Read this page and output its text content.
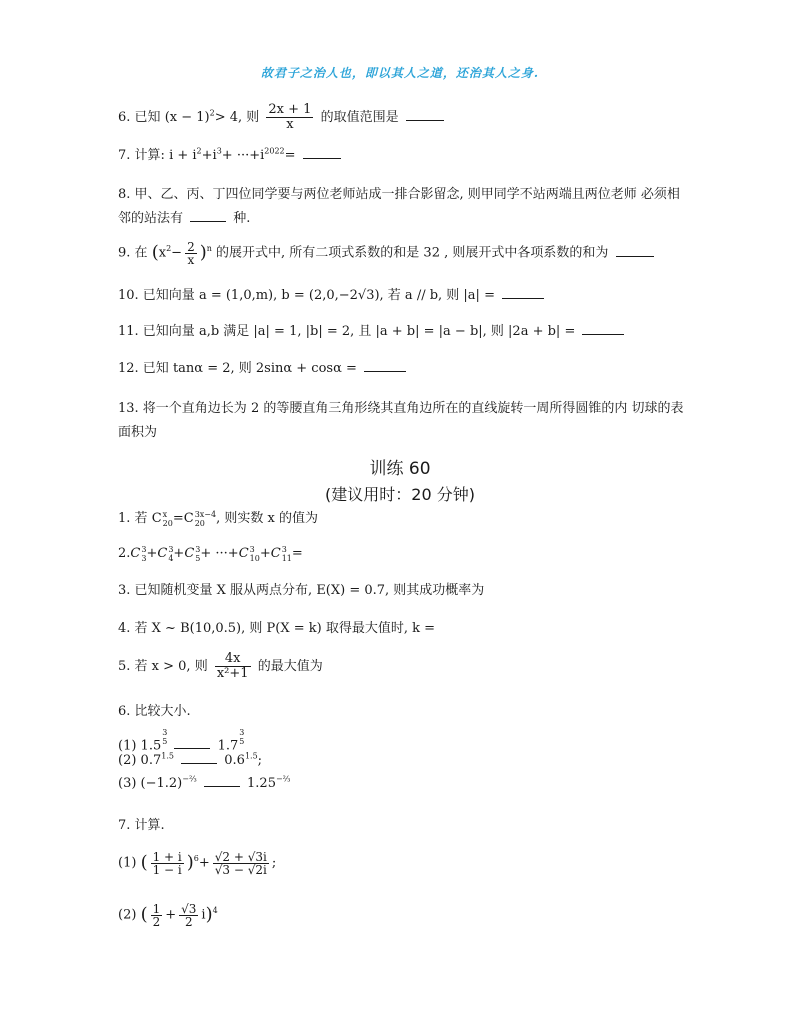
故君子之治人也，即以其人之道，还治其人之身.
6. 已知 $(x - 1)^2> 4$, 则 $\frac{2x + 1}{x}$ 的取值范围是
7. 计算: $i + i^2+i^3+ \cdot\cdot\cdot+i^{2022}=$
8. 甲、乙、丙、丁四位同学要与两位老师站成一排合影留念, 则甲同学不站两端且两位老师 必须相邻的站法有	种.
9. 在 $(x^2- \frac{2}{x} )^n$ 的展开式中, 所有二项式系数的和是 32 , 则展开式中各项系数的和为
10. 已知向量 a = (1,0,m), b = (2,0,−2√3), 若 a // b, 则 |a| =
11. 已知向量 a,b 满足 |a| = 1, |b| = 2, 且 |a + b| = |a − b|, 则 |2a + b| =
12. 已知 tanα = 2, 则 2sinα + cosα =
13. 将一个直角边长为 2 的等腰直角三角形绕其直角边所在的直线旋转一周所得圆锥的内 切球的表面积为
训练 60
(建议用时：20 分钟)
1. 若 C x
20 =C 3x−4
20 , 则实数 x 的值为
2.C 3
3 +C 3
4 +C 3
5 + ···+C 3
10 +C 3
11 =
3. 已知随机变量 X 服从两点分布, E(X) = 0.7, 则其成功概率为
4. 若 X ~ B(10,0.5), 则 P(X = k) 取得最大值时, k =
5. 若 x > 0, 则 $\frac{4x}{\text{x²+1}}$ 的最大值为
6. 比较大小.
(1) 1.5
3
5	1.7
3
5
(2) $0.7^{1.5}$	$0.6^{1.5}$;
(3) $(-1.2)^{-\frac{2}{3}}$	$1.25^{-\frac{2}{3}}$
7. 计算.
(1) ( $\frac{1 + i}{1 - i} )^6+ \frac{√2 + √3i}{√3 - √2i}$ ;
(2) ( $\frac{1}{2} + \frac{√3}{2} i)^4$
